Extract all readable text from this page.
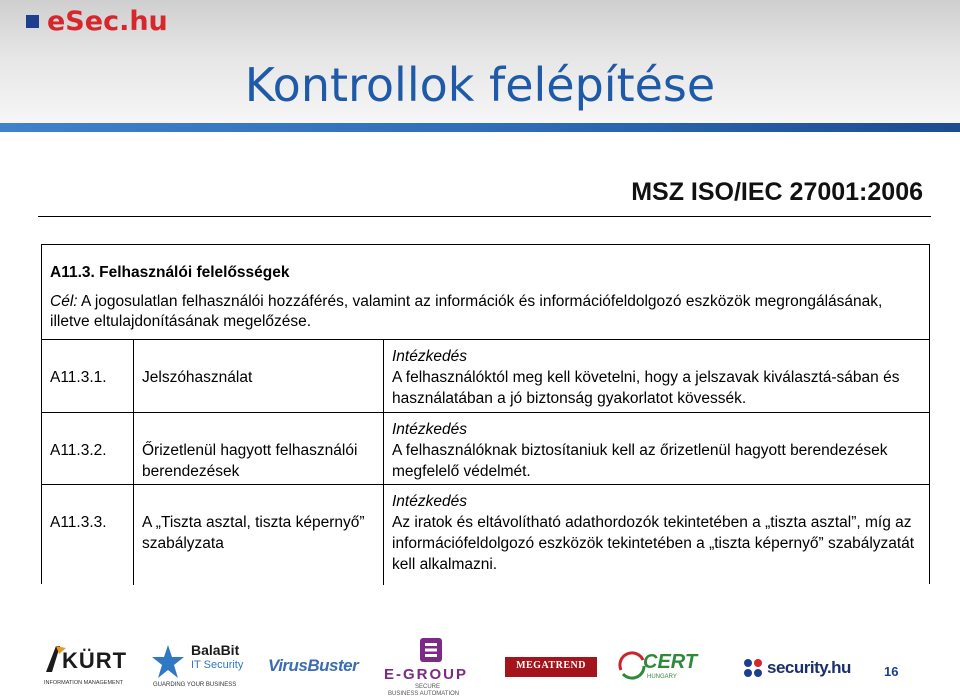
eSec.hu
Kontrollok felépítése
MSZ ISO/IEC 27001:2006
A11.3. Felhasználói felelősségek

Cél: A jogosulatlan felhasználói hozzáférés, valamint az információk és információfeldolgozó eszközök megrongálásának, illetve eltulajdonításának megelőzése.

A11.3.1.	Jelszóhasználat
Intézkedés
A felhasználóktól meg kell követelni, hogy a jelszavak kiválasztá-sában és használatában a jó biztonság gyakorlatot kövessék.
A11.3.2.	Őrizetlenül hagyott felhasználói berendezések
Intézkedés
A felhasználóknak biztosítaniuk kell az őrizetlenül hagyott berendezések megfelelő védelmét.
A11.3.3.	A „Tiszta asztal, tiszta képernyő” szabályzata
Intézkedés
Az iratok és eltávolítható adathordozók tekintetében a „tiszta asztal”, míg az információfeldolgozó eszközök tekintetében a „tiszta képernyő” szabályzatát kell alkalmazni.
KÜRT
INFORMATION MANAGEMENT
BalaBit
IT Security
GUARDING YOUR BUSINESS
VirusBuster E-GROUP
SECURE
BUSINESS AUTOMATION
MEGATREND	CERT
HUNGARY	security.hu	16
